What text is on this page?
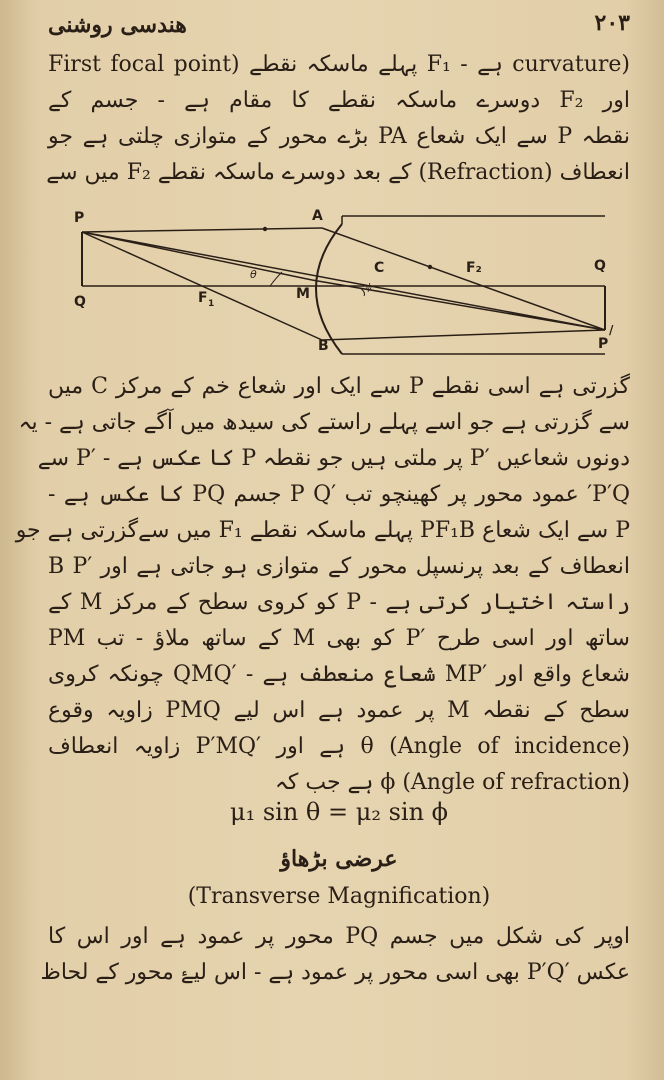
هندسی روشنی	۲۰۳
(curvature ہے - F₁ پہلے ماسکہ نقطے (First focal point
اور F₂ دوسرے ماسکہ نقطے کا مقام ہے - جسم کے
نقطہ P سے ایک شعاع PA بڑے محور کے متوازی چلتی ہے جو
انعطاف (Refraction) کے بعد دوسرے ماسکہ نقطے F₂ میں سے
P
Q
A
B
C
M
F 1
F₂	Q
P
/
θ
ϕ
گزرتی ہے اسی نقطے P سے ایک اور شعاع خم کے مرکز C میں
سے گزرتی ہے جو اسے پہلے راستے کی سیدھ میں آگے جاتی ہے - یہ
دونوں شعاعیں ′P پر ملتی ہیں جو نقطہ P کا عکس ہے - ′P سے
P′Q′ عمود محور پر کھینچو تب ′P Q جسم PQ کا عکس ہے -
P سے ایک شعاع PF₁B پہلے ماسکہ نقطے F₁ میں سےگزرتی ہے جو
انعطاف کے بعد پرنسپل محور کے متوازی ہو جاتی ہے اور ′B P
راستہ اختیار کرتی ہے - P کو کروی سطح کے مرکز M کے
ساتھ اور اسی طرح ′P کو بھی M کے ساتھ ملاؤ - تب PM
شعاع واقع اور ′MP شعاع منعطف ہے - ′QMQ چونکہ کروی
سطح کے نقطہ M پر عمود ہے اس لیے PMQ زاویہ وقوع
(Angle of incidence) θ ہے اور ′P′MQ زاویہ انعطاف
(Angle of refraction) ϕ ہے جب کہ
μ₁ sin θ = μ₂ sin ϕ
عرضی بڑھاؤ
(Transverse Magnification)
اوپر کی شکل میں جسم PQ محور پر عمود ہے اور اس کا
عکس ′P′Q بھی اسی محور پر عمود ہے - اس لیۓ محور کے لحاظ
